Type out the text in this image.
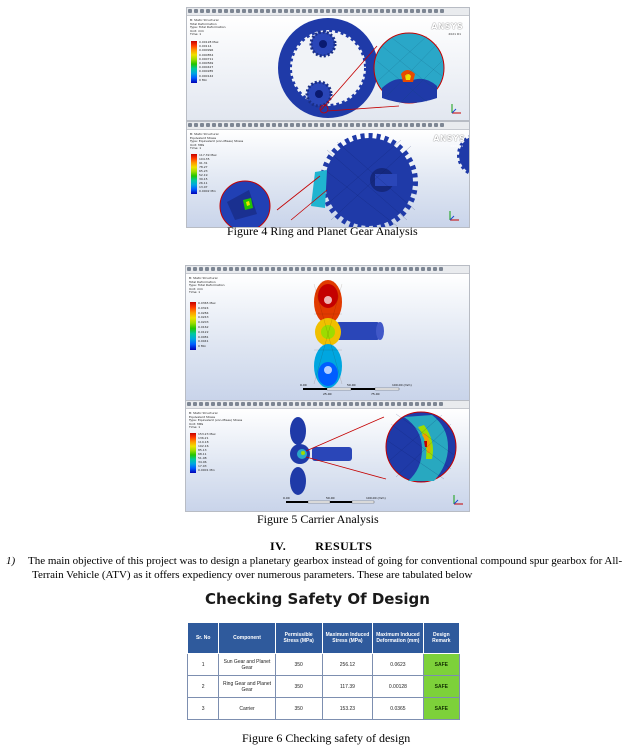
B: Static Structural
Total Deformation
Type: Total Deformation
Unit: mm
Time: 1
0.00128 Max
0.00114
0.000996
0.000854
0.000711
0.000569
0.000427
0.000285
0.000142
0 Min
ANSYS
2021 R1
B: Static Structural
Equivalent Stress
Type: Equivalent (von-Mises) Stress
Unit: MPa
Time: 1
117.39 Max
104.35
91.31
78.27
65.23
52.19
39.15
26.11
13.07
0.0002 Min
ANSYS
2021 R1
Figure 4 Ring and Planet Gear Analysis
B: Static Structural
Total Deformation
Type: Total Deformation
Unit: mm
Time: 1
0.0365 Max
0.0324
0.0284
0.0243
0.0203
0.0162
0.0122
0.0081
0.0041
0 Min
0.00	50.00	100.00 (mm)
25.00	75.00
B: Static Structural
Equivalent Stress
Type: Equivalent (von-Mises) Stress
Unit: MPa
Time: 1
153.23 Max
136.21
119.18
102.16
85.13
68.11
51.08
34.06
17.03
0.0001 Min
0.00	50.00	100.00 (mm)
Figure 5 Carrier Analysis
IV. RESULTS
1) The main objective of this project was to design a planetary gearbox instead of going for conventional compound spur gearbox for All-Terrain Vehicle (ATV) as it offers expediency over numerous parameters. These are tabulated below
Checking Safety Of Design
Sr. No	Component	Permissible Stress (MPa)	Maximum Induced Stress (MPa)	Maximum Induced Deformation (mm)	Design Remark
1	Sun Gear and Planet Gear	350	256.12	0.0623	SAFE
2	Ring Gear and Planet Gear	350	117.39	0.00128	SAFE
3	Carrier	350	153.23	0.0365	SAFE
Figure 6 Checking safety of design
